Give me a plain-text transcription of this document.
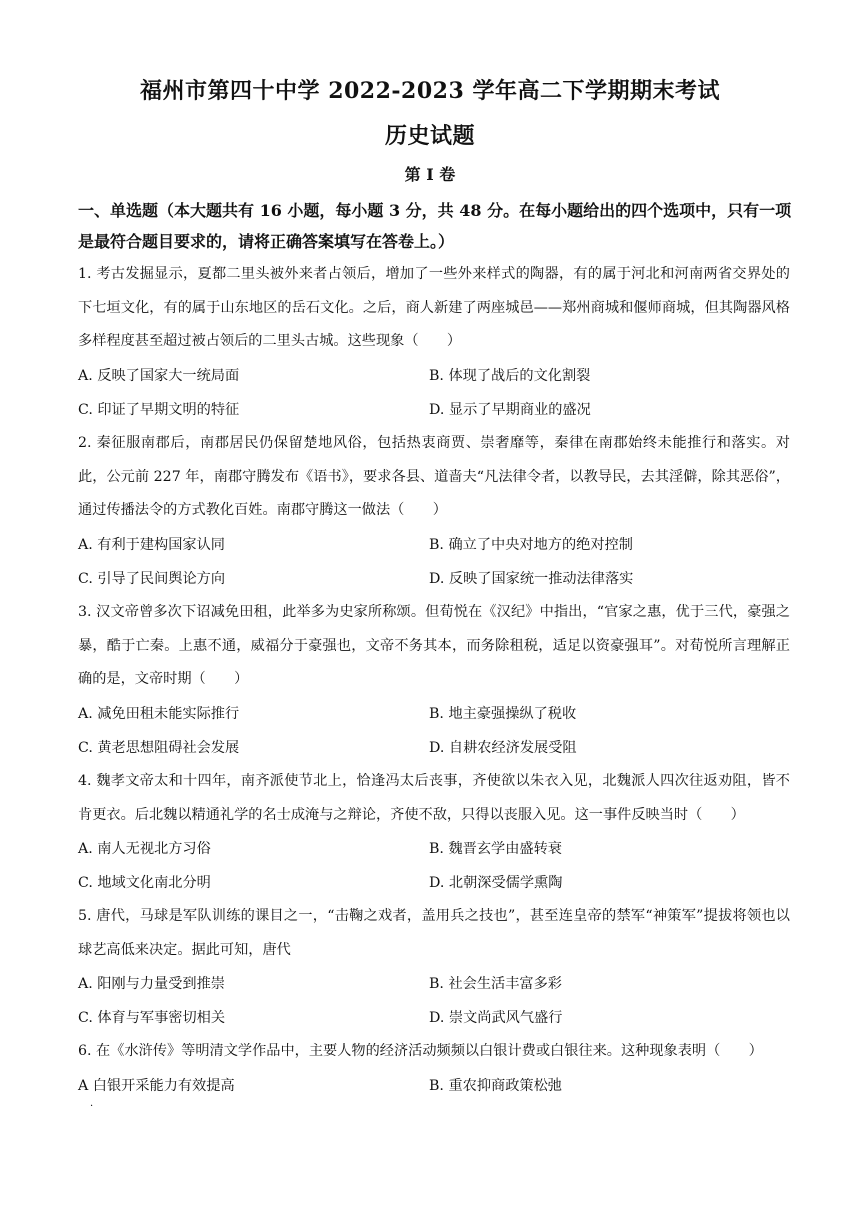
福州市第四十中学 2022-2023 学年高二下学期期末考试
历史试题
第 I 卷
一、单选题（本大题共有 16 小题，每小题 3 分，共 48 分。在每小题给出的四个选项中，只有一项是最符合题目要求的，请将正确答案填写在答卷上。）
1. 考古发掘显示，夏都二里头被外来者占领后，增加了一些外来样式的陶器，有的属于河北和河南两省交界处的下七垣文化，有的属于山东地区的岳石文化。之后，商人新建了两座城邑——郑州商城和偃师商城，但其陶器风格多样程度甚至超过被占领后的二里头古城。这些现象（　　）
A. 反映了国家大一统局面	B. 体现了战后的文化割裂
C. 印证了早期文明的特征	D. 显示了早期商业的盛况
2. 秦征服南郡后，南郡居民仍保留楚地风俗，包括热衷商贾、崇奢靡等，秦律在南郡始终未能推行和落实。对此，公元前 227 年，南郡守腾发布《语书》，要求各县、道啬夫“凡法律令者，以教导民，去其淫僻，除其恶俗”，通过传播法令的方式教化百姓。南郡守腾这一做法（　　）
A. 有利于建构国家认同	B. 确立了中央对地方的绝对控制
C. 引导了民间舆论方向	D. 反映了国家统一推动法律落实
3. 汉文帝曾多次下诏减免田租，此举多为史家所称颂。但荀悦在《汉纪》中指出，“官家之惠，优于三代，豪强之暴，酷于亡秦。上惠不通，威福分于豪强也，文帝不务其本，而务除租税，适足以资豪强耳”。对荀悦所言理解正确的是，文帝时期（　　）
A. 减免田租未能实际推行	B. 地主豪强操纵了税收
C. 黄老思想阻碍社会发展	D. 自耕农经济发展受阻
4. 魏孝文帝太和十四年，南齐派使节北上，恰逢冯太后丧事，齐使欲以朱衣入见，北魏派人四次往返劝阻，皆不肯更衣。后北魏以精通礼学的名士成淹与之辩论，齐使不敌，只得以丧服入见。这一事件反映当时（　　）
A. 南人无视北方习俗	B. 魏晋玄学由盛转衰
C. 地域文化南北分明	D. 北朝深受儒学熏陶
5. 唐代，马球是军队训练的课目之一，“击鞠之戏者，盖用兵之技也”，甚至连皇帝的禁军“神策军”提拔将领也以球艺高低来决定。据此可知，唐代
A. 阳刚与力量受到推崇	B. 社会生活丰富多彩
C. 体育与军事密切相关	D. 崇文尚武风气盛行
6. 在《水浒传》等明清文学作品中，主要人物的经济活动频频以白银计费或白银往来。这种现象表明（　　）
A 白银开采能力有效提高	B. 重农抑商政策松弛
·
